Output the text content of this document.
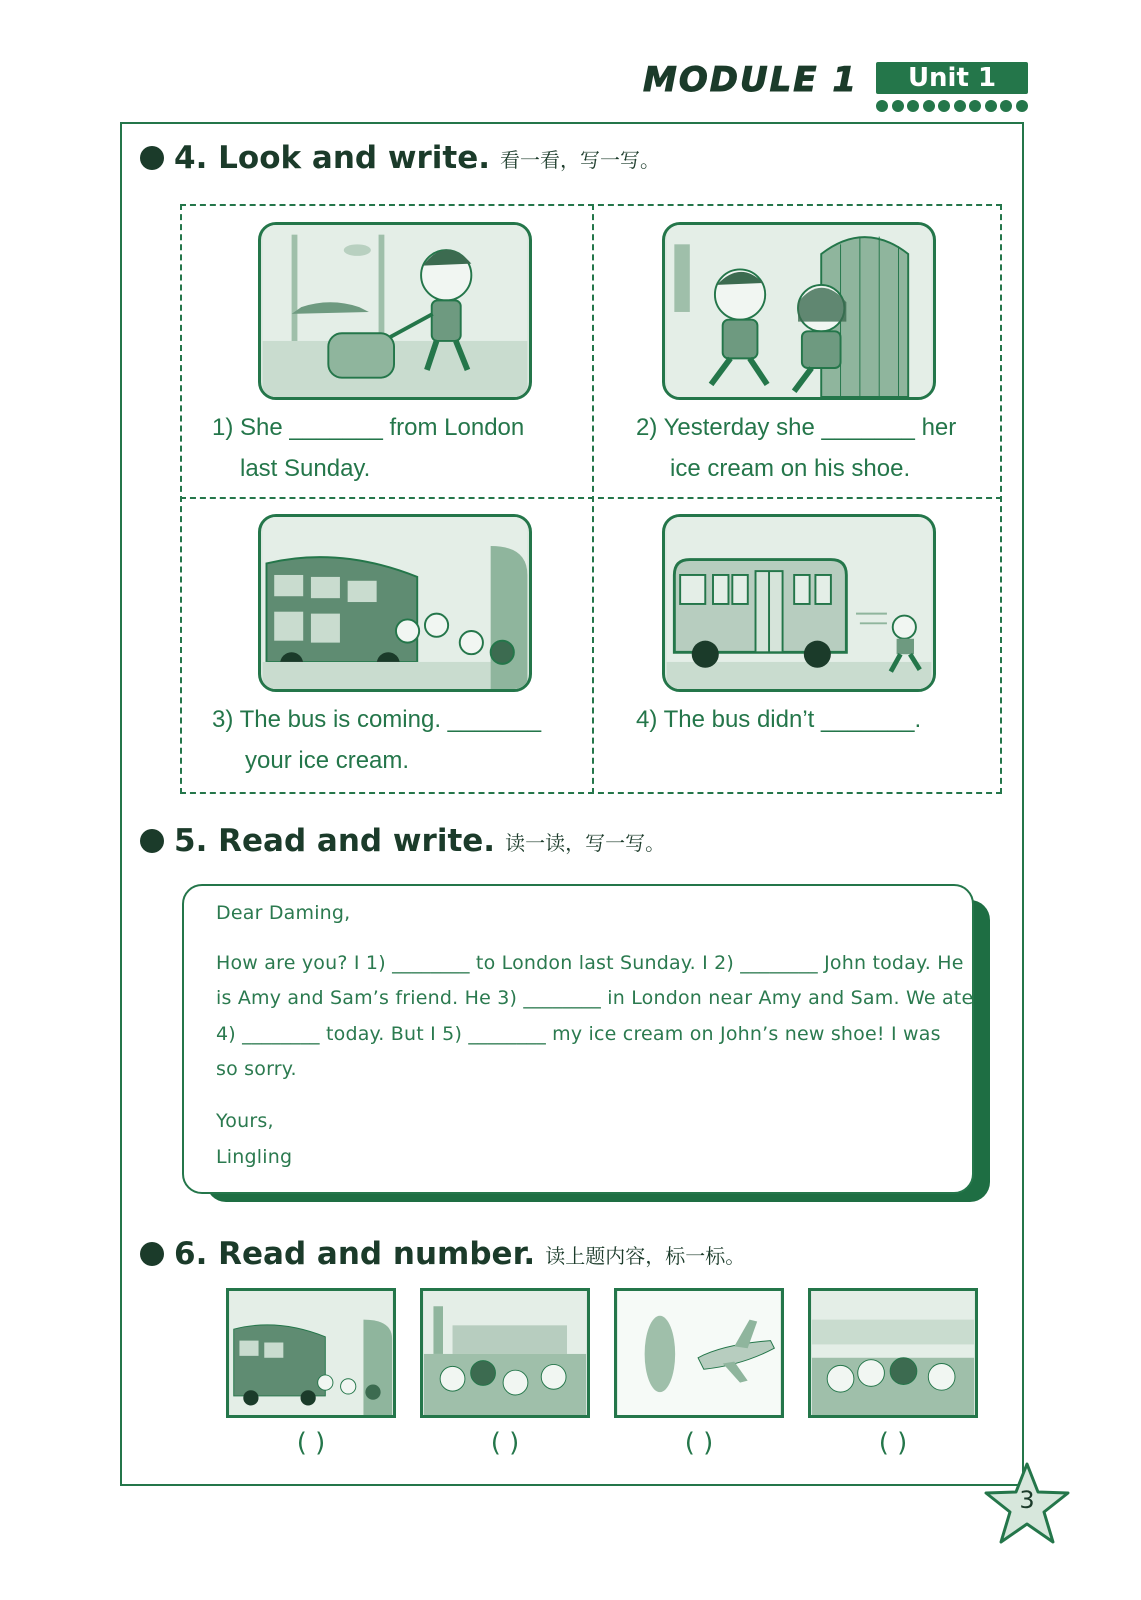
MODULE 1	Unit 1
4. Look and write. 看一看，写一写。
1) She _______ from London
last Sunday.
2) Yesterday she _______ her
ice cream on his shoe.
3) The bus is coming. _______
your ice cream.
4) The bus didn’t _______.
5. Read and write. 读一读，写一写。
Dear Daming,
How are you? I 1) ________ to London last Sunday. I 2) ________ John today. He
is Amy and Sam’s friend. He 3) ________ in London near Amy and Sam. We ate
4) ________ today. But I 5) ________ my ice cream on John’s new shoe! I was
so sorry.
Yours,
Lingling
6. Read and number. 读上题内容，标一标。
( )	( )	( )	( )
3
